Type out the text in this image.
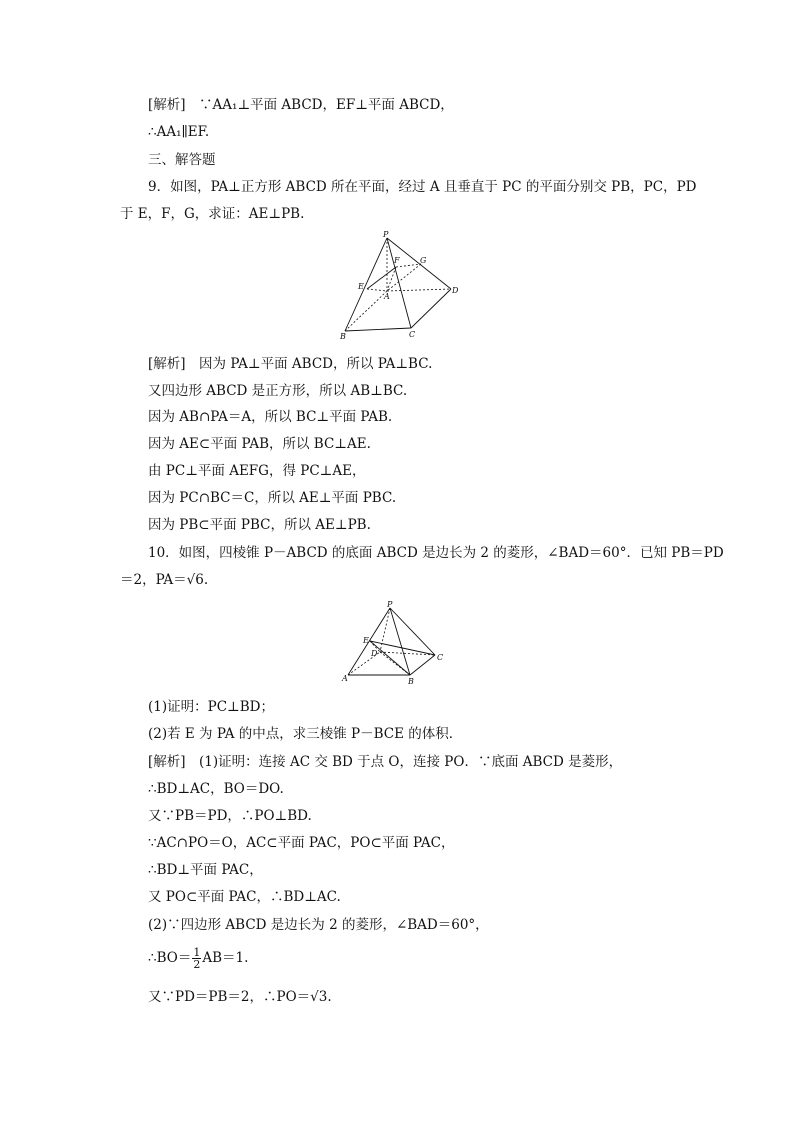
[解析]　∵AA₁⊥平面 ABCD，EF⊥平面 ABCD，
∴AA₁∥EF.
三、解答题
9．如图，PA⊥正方形 ABCD 所在平面，经过 A 且垂直于 PC 的平面分别交 PB，PC，PD
于 E，F，G，求证：AE⊥PB.
P
F	G
E
A
D
B	C
[解析]　因为 PA⊥平面 ABCD，所以 PA⊥BC.
又四边形 ABCD 是正方形，所以 AB⊥BC.
因为 AB∩PA＝A，所以 BC⊥平面 PAB.
因为 AE⊂平面 PAB，所以 BC⊥AE.
由 PC⊥平面 AEFG，得 PC⊥AE，
因为 PC∩BC＝C，所以 AE⊥平面 PBC.
因为 PB⊂平面 PBC，所以 AE⊥PB.
10．如图，四棱锥 P－ABCD 的底面 ABCD 是边长为 2 的菱形，∠BAD＝60°．已知 PB＝PD
＝2，PA＝√6.
P
E
D	C
A	B
(1)证明：PC⊥BD；
(2)若 E 为 PA 的中点，求三棱锥 P－BCE 的体积．
[解析]　(1)证明：连接 AC 交 BD 于点 O，连接 PO．∵底面 ABCD 是菱形，
∴BD⊥AC，BO＝DO.
又∵PB＝PD，∴PO⊥BD.
∵AC∩PO＝O，AC⊂平面 PAC，PO⊂平面 PAC，
∴BD⊥平面 PAC，
又 PO⊂平面 PAC，∴BD⊥AC.
(2)∵四边形 ABCD 是边长为 2 的菱形，∠BAD＝60°，
∴BO＝ $\frac{1}{2} AB=1$.
又∵PD＝PB＝2，∴PO＝√3.
